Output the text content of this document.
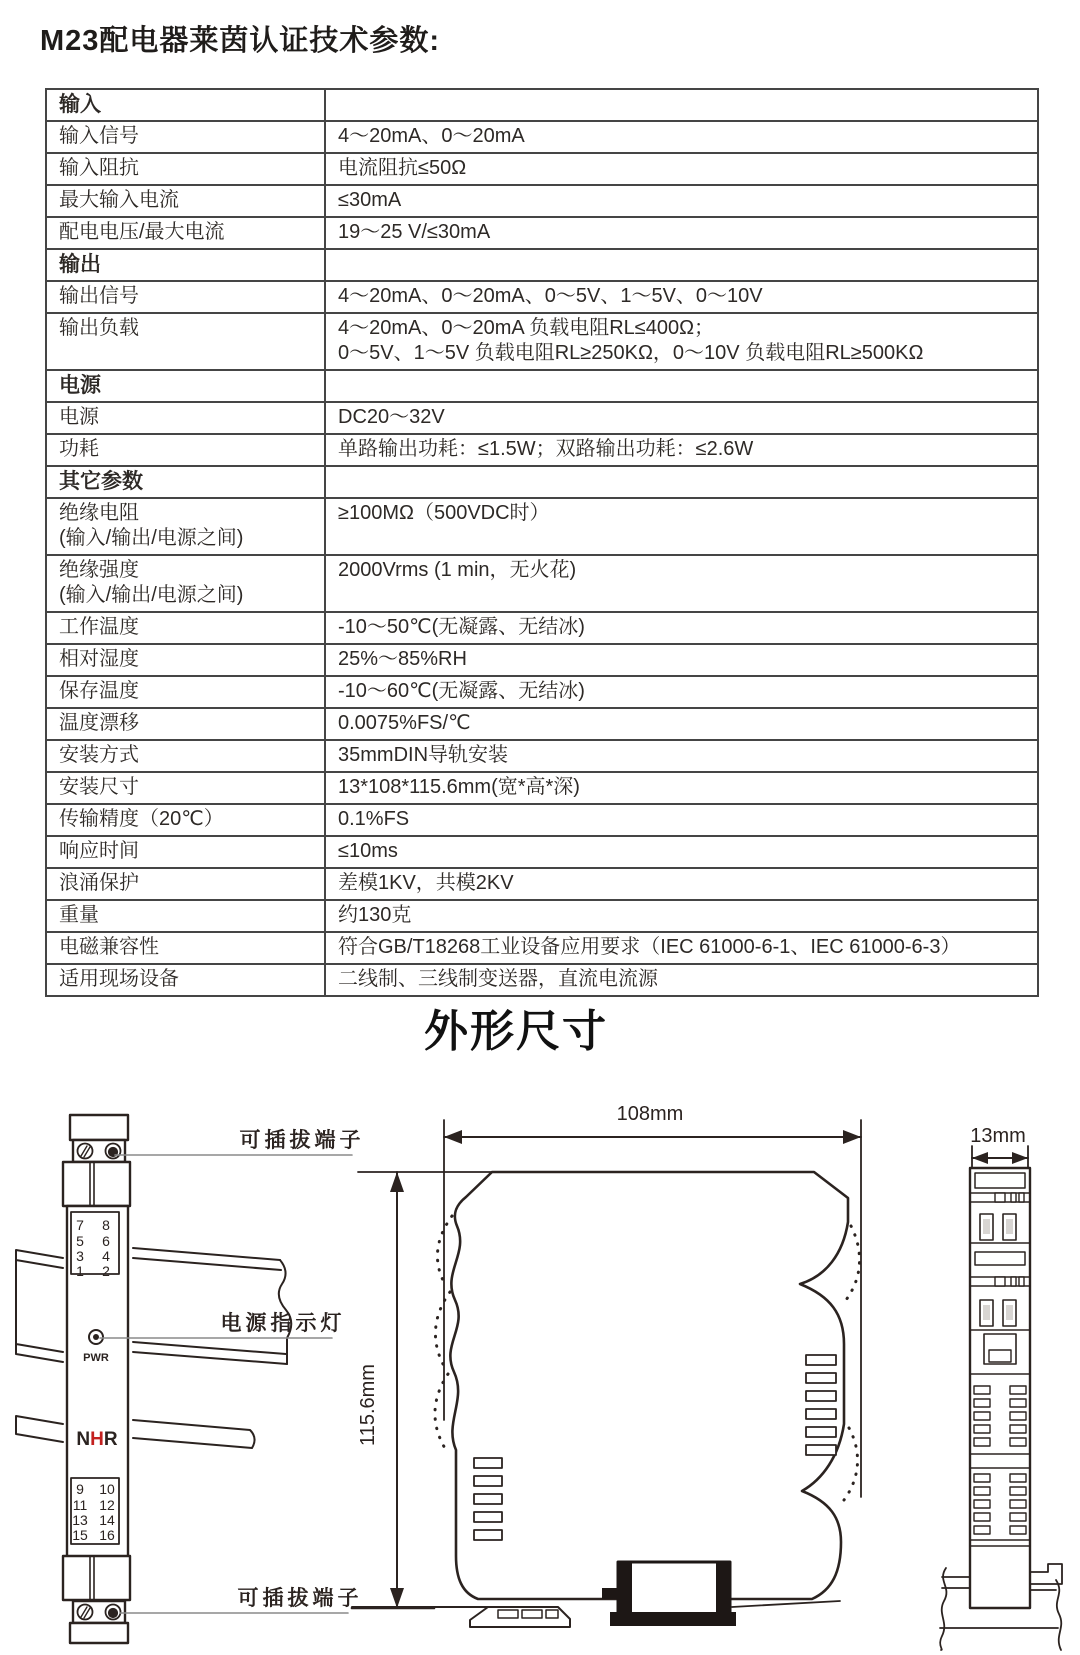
M23配电器莱茵认证技术参数:
输入	

输入信号	4～20mA、0～20mA

输入阻抗	电流阻抗≤50Ω

最大输入电流	≤30mA

配电电压/最大电流	19～25 V/≤30mA

输出	

输出信号	4～20mA、0～20mA、0～5V、1～5V、0～10V

输出负载	4～20mA、0～20mA 负载电阻RL≤400Ω；
0～5V、1～5V 负载电阻RL≥250KΩ，0～10V 负载电阻RL≥500KΩ

电源	

电源	DC20～32V

功耗	单路输出功耗：≤1.5W；双路输出功耗：≤2.6W

其它参数	

绝缘电阻
(输入/输出/电源之间)	≥100MΩ（500VDC时）

绝缘强度
(输入/输出/电源之间)	2000Vrms (1 min，无火花)

工作温度	-10～50℃(无凝露、无结冰)

相对湿度	25%～85%RH

保存温度	-10～60℃(无凝露、无结冰)

温度漂移	0.0075%FS/℃

安装方式	35mmDIN导轨安装

安装尺寸	13*108*115.6mm(宽*高*深)

传输精度（20℃）	0.1%FS

响应时间	≤10ms

浪涌保护	差模1KV，共模2KV

重量	约130克

电磁兼容性	符合GB/T18268工业设备应用要求（IEC 61000-6-1、IEC 61000-6-3）

适用现场设备	二线制、三线制变送器，直流电流源
外形尺寸
7 8
5 6
3 4
1 2
PWR
NHR
9 10
11 12
13 14
15 16
可插拔端子
电源指示灯
可插拔端子
108mm
115.6mm
13mm
